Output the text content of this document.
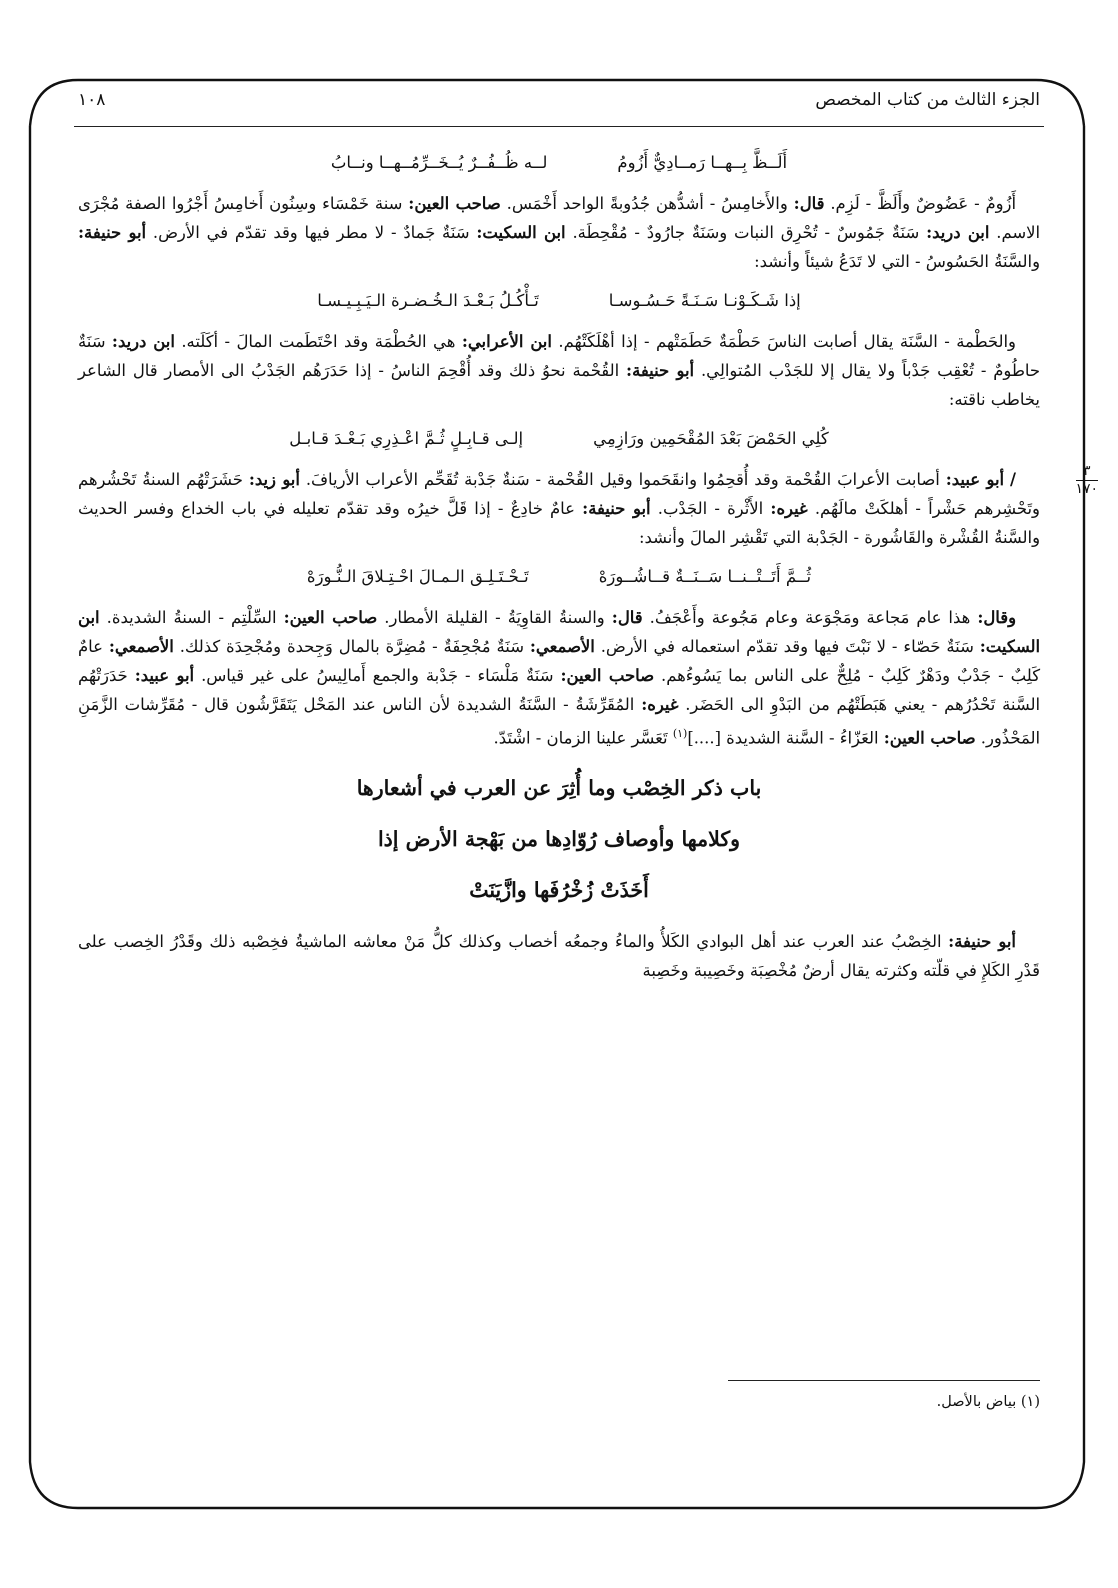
الجزء الثالث من كتاب المخصص
١٠٨
أَلَــظَّ بِــهــا رَمــادِيٌّ أَزُومُ
لــه ظُــفُــرٌ يُــخَــرِّمُــهــا ونــابُ

أَزُومٌ - عَضُوضٌ وأَلَظَّ - لَزِم. قال: والأَخامِسُ - أشدُّهن جُدُوبةً الواحد أَخْمَس. صاحب العين: سنة خَمْسَاء وسِنُون أَخامِسُ أَجْرُوا الصفة مُجْرَى الاسم. ابن دريد: سَنَةٌ جَمُوسٌ - تُحْرِق النبات وسَنَةٌ جارُودٌ - مُقْحِطَة. ابن السكيت: سَنَةٌ جَمادٌ - لا مطر فيها وقد تقدّم في الأرض. أبو حنيفة: والسَّنَةُ الحَسُوسُ - التي لا تَدَعُ شيئاً وأنشد:

إذا شَـكَـوْنـا سَـنَـةً حَـسُـوسـا
تَـأْكُـلُ بَـعْـدَ الـخُـضـرة الـيَـبِـيـسـا

والحَطْمة - السَّنَة يقال أصابت الناسَ حَطْمَةٌ حَطَمَتْهم - إذا أهْلَكَتْهُم. ابن الأعرابي: هي الحُطْمَة وقد احْتَطَمت المالَ - أكَلَته. ابن دريد: سَنَةٌ حاطُومٌ - تُعْقِب جَدْباً ولا يقال إلا للجَدْب المُتوالِي. أبو حنيفة: القُحْمة نحوُ ذلك وقد أُقْحِمَ الناسُ - إذا حَدَرَهُم الجَدْبُ الى الأمصار قال الشاعر يخاطب ناقته:

كُلِي الحَمْضَ بَعْدَ المُقْحَمِين ورَازِمِي
إلـى قـابِـلٍ ثُـمَّ اعْـذِرِي بَـعْـدَ قـابـل
٣
١٧٠

/ أبو عبيد: أصابت الأعرابَ القُحْمة وقد أُقحِمُوا وانقَحَموا وقيل القُحْمة - سَنةٌ جَدْبة تُقَحِّم الأعراب الأريافَ. أبو زيد: حَشَرَتْهُم السنةُ تَحْشُرهم وتَحْشِرهم حَشْراً - أهلكَتْ مالَهُم. غيره: الأَثْرة - الجَدْب. أبو حنيفة: عامٌ خادِعٌ - إذا قَلَّ خيرُه وقد تقدّم تعليله في باب الخداع وفسر الحديث والسَّنةُ القُشْرة والقَاشُورة - الجَدْبة التي تَقْشِر المالَ وأنشد:

ثُــمَّ أَتَــتْــنــا سَــنَــةٌ قــاشُــورَهْ
تَـحْـتَـلِـق الـمـالَ احْـتِـلاقَ الـنُّـورَهْ

وقال: هذا عام مَجاعة ومَجْوَعة وعام مَجُوعة وأَعْجَفُ. قال: والسنةُ القاوِيَةُ - القليلة الأمطار. صاحب العين: السِّلْتِم - السنةُ الشديدة. ابن السكيت: سَنَةٌ حَصّاء - لا نَبْتَ فيها وقد تقدّم استعماله في الأرض. الأصمعي: سَنَةٌ مُجْحِفَةٌ - مُضِرَّة بالمال وَجِحدة ومُجْحِدَة كذلك. الأصمعي: عامٌ كَلِبٌ - جَدْبٌ ودَهْرٌ كَلِبٌ - مُلِحٌّ على الناس بما يَسُوءُهم. صاحب العين: سَنَةٌ مَلْسَاء - جَدْبة والجمع أَمالِيسُ على غير قياس. أبو عبيد: حَدَرَتْهُم السَّنة تَحْدُرُهم - يعني هَبَطَتْهُم من البَدْوِ الى الحَضَر. غيره: المُقَرِّشَةُ - السَّنَةُ الشديدة لأن الناس عند المَحْل يَتَقَرَّشُون قال - مُقَرِّشات الزَّمَنِ المَحْذُور. صاحب العين: العَزّاءُ - السَّنة الشديدة [....]$^{(١)}$ تَعَسَّر علينا الزمان - اشْتَدّ.

باب ذكر الخِصْب وما أُثِرَ عن العرب في أشعارها
وكلامها وأوصاف رُوّادِها من بَهْجة الأرض إذا
أَخَذَتْ زُخْرُفَها وازَّيَنَتْ

أبو حنيفة: الخِصْبُ عند العرب عند أهل البوادي الكَلأُ والماءُ وجمعُه أخصاب وكذلك كلُّ مَنْ معاشه الماشيةُ فخِصْبه ذلك وقَدْرُ الخِصب على قَدْرِ الكَلإِ في قلّته وكثرته يقال أرضٌ مُخْصِبَة وخَصِيبة وخَصِبة

(١) بياض بالأصل.
